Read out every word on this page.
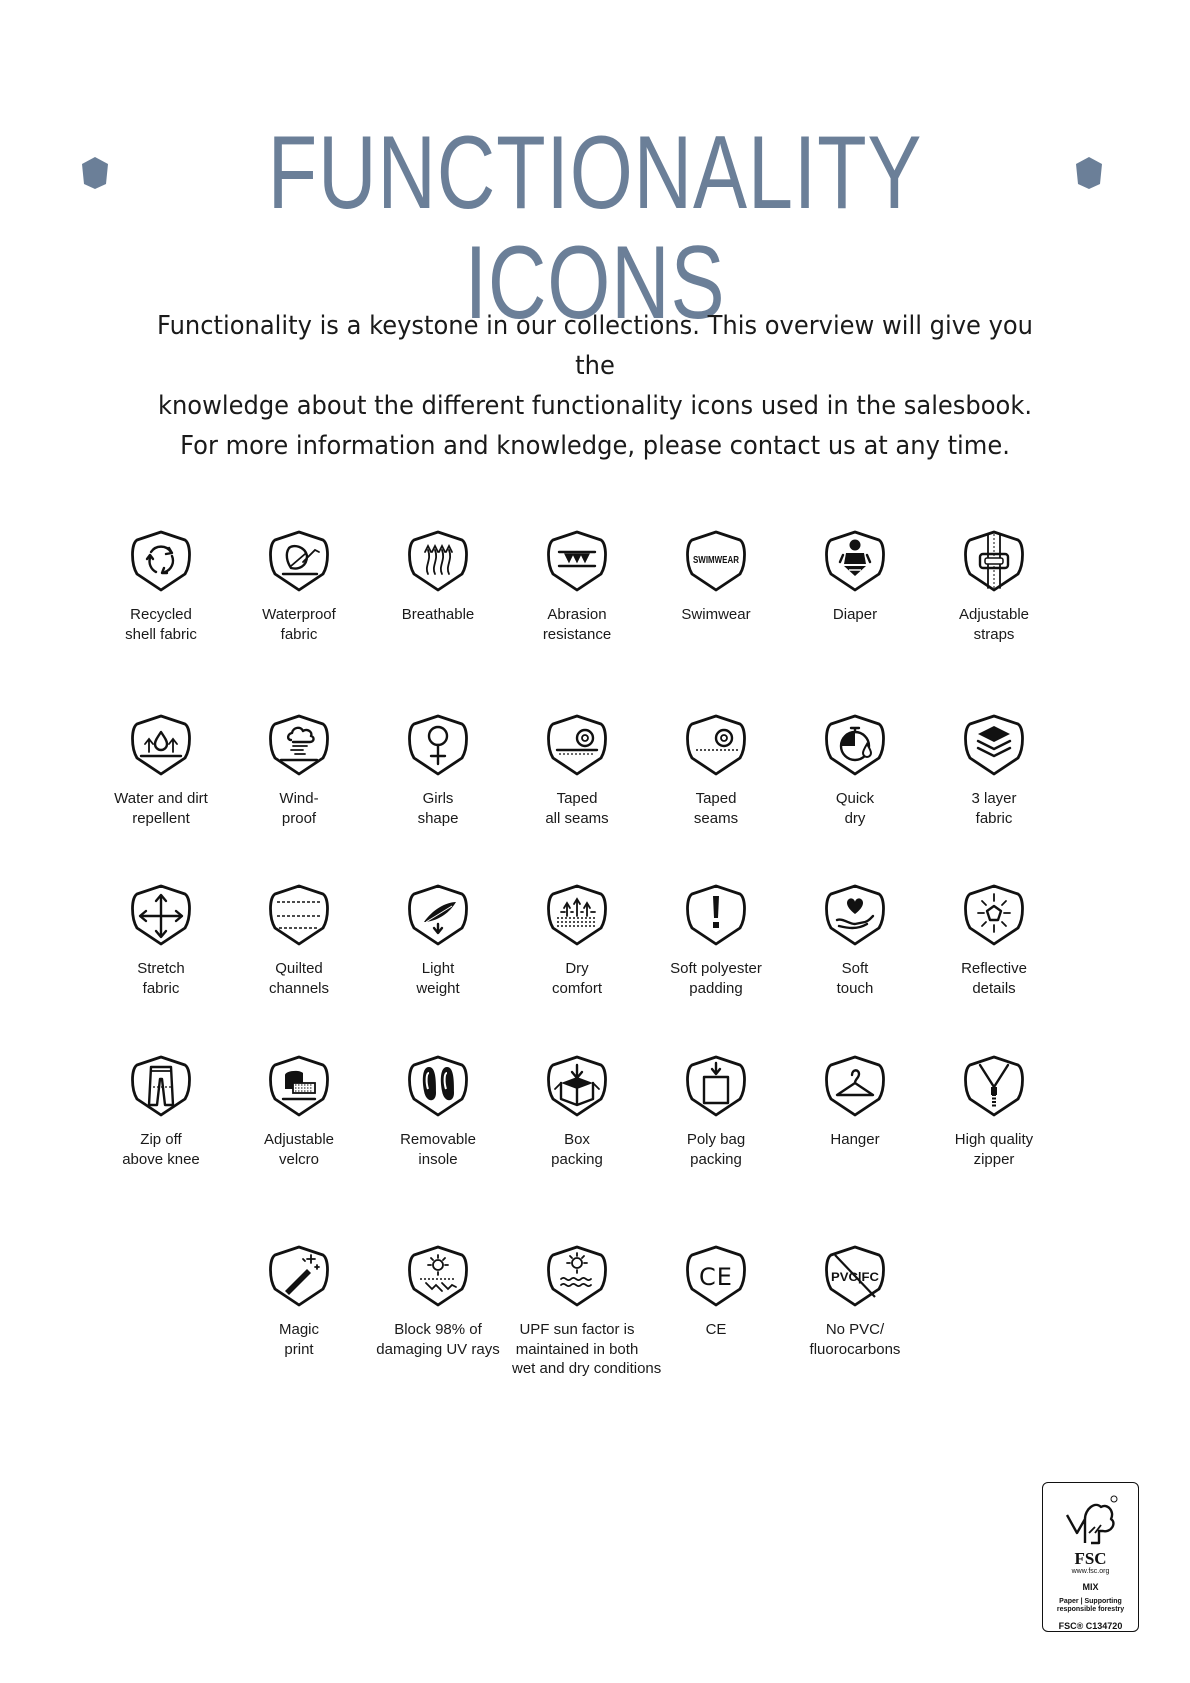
FUNCTIONALITY ICONS

Functionality is a keystone in our collections. This overview will give you the

knowledge about the different functionality icons used in the salesbook.

For more information and knowledge, please contact us at any time.

Recycled
shell fabric
Waterproof
fabric
Breathable	Abrasion
resistance
SWIMWEAR
Swimwear	Diaper	Adjustable
straps
Water and dirt
repellent
Wind-
proof
Girls
shape
Taped
all seams
Taped
seams
Quick
dry
3 layer
fabric
Stretch
fabric
Quilted
channels
Light
weight
Dry
comfort
Soft polyester
padding
Soft
touch
Reflective
details
Zip off
above knee
Adjustable
velcro
Removable
insole
Box
packing
Poly bag
packing
Hanger	High quality
zipper
Magic
print
Block 98% of
damaging UV rays
UPF sun factor is
maintained in both
wet and dry conditions
CE
CE
PVC|FC
No PVC/
fluorocarbons
FSC
www.fsc.org
MIX
Paper | Supporting
responsible forestry
FSC® C134720
